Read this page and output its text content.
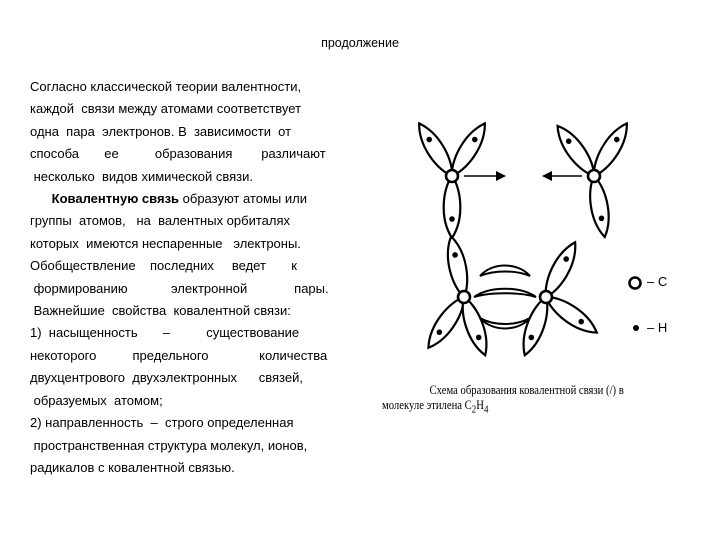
продолжение
Согласно классической теории валентности,
каждой  связи между атомами соответствует
одна  пара  электронов. В  зависимости  от
способа       ее          образования        различают
несколько  видов химической связи.
Ковалентную связь образуют атомы или
группы  атомов,   на  валентных орбиталях
которых  имеются неспаренные   электроны.
Обобществление    последних     ведет       к
формированию            электронной             пары.
Важнейшие  свойства  ковалентной связи:
1)  насыщенность       –          существование
некоторого          предельного              количества
двухцентрового  двухэлектронных      связей,
образуемых  атомом;
2) направленность  –  строго определенная
пространственная структура молекул, ионов,
радикалов с ковалентной связью.
– C
– H
Схема образования ковалентной связи (/) в
молекуле этилена $C_2H_4$
